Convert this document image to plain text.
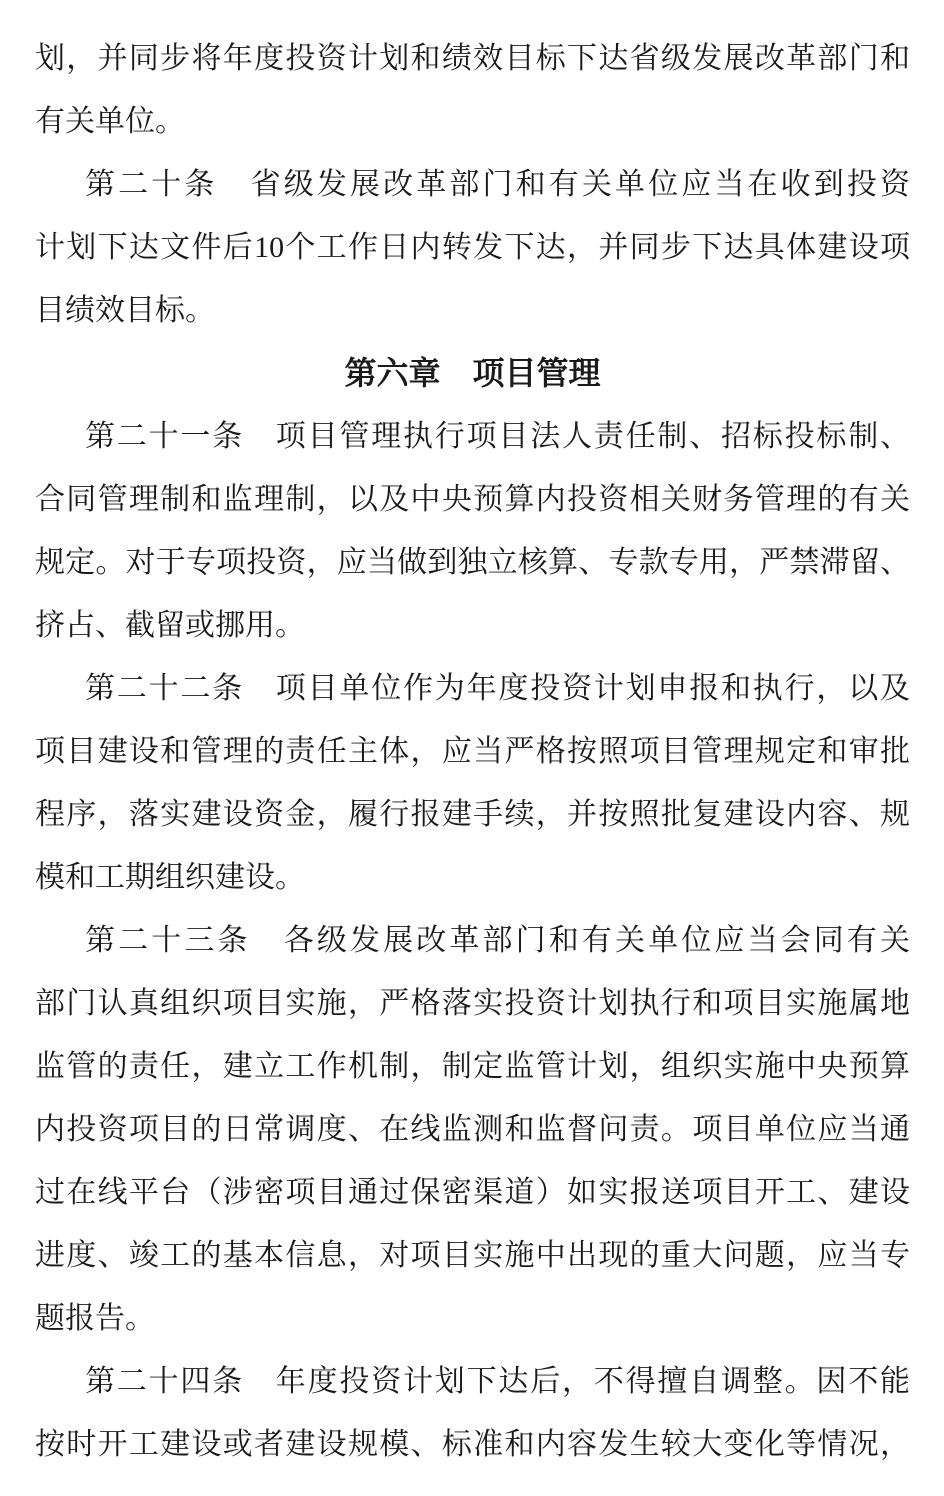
划，并同步将年度投资计划和绩效目标下达省级发展改革部门和
有关单位。
第二十条　省级发展改革部门和有关单位应当在收到投资
计划下达文件后10个工作日内转发下达，并同步下达具体建设项
目绩效目标。
第六章　项目管理
第二十一条　项目管理执行项目法人责任制、招标投标制、
合同管理制和监理制，以及中央预算内投资相关财务管理的有关
规定。对于专项投资，应当做到独立核算、专款专用，严禁滞留、
挤占、截留或挪用。
第二十二条　项目单位作为年度投资计划申报和执行，以及
项目建设和管理的责任主体，应当严格按照项目管理规定和审批
程序，落实建设资金，履行报建手续，并按照批复建设内容、规
模和工期组织建设。
第二十三条　各级发展改革部门和有关单位应当会同有关
部门认真组织项目实施，严格落实投资计划执行和项目实施属地
监管的责任，建立工作机制，制定监管计划，组织实施中央预算
内投资项目的日常调度、在线监测和监督问责。项目单位应当通
过在线平台（涉密项目通过保密渠道）如实报送项目开工、建设
进度、竣工的基本信息，对项目实施中出现的重大问题，应当专
题报告。
第二十四条　年度投资计划下达后，不得擅自调整。因不能
按时开工建设或者建设规模、标准和内容发生较大变化等情况，
